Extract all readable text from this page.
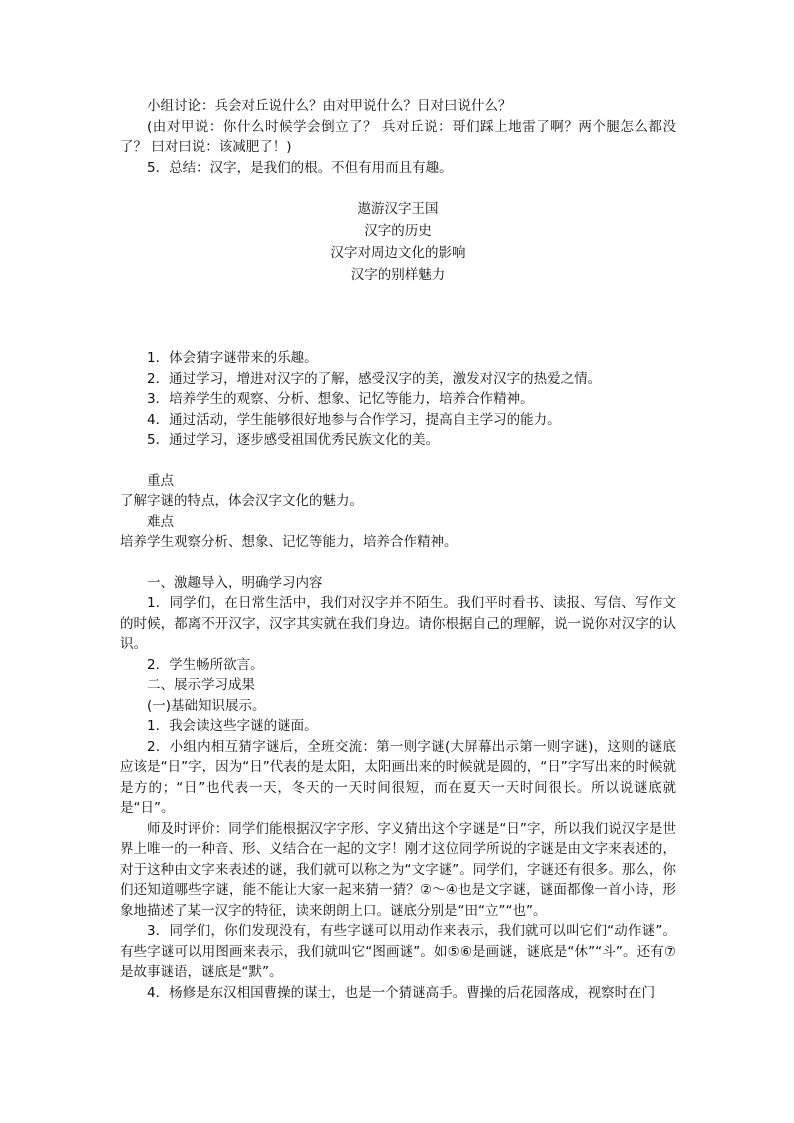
小组讨论：兵会对丘说什么？由对甲说什么？日对曰说什么？

(由对甲说：你什么时候学会倒立了？ 兵对丘说：哥们踩上地雷了啊？两个腿怎么都没了？ 曰对曰说：该减肥了！)

5．总结：汉字，是我们的根。不但有用而且有趣。

遨游汉字王国

汉字的历史

汉字对周边文化的影响

汉字的别样魅力

1．体会猜字谜带来的乐趣。

2．通过学习，增进对汉字的了解，感受汉字的美，激发对汉字的热爱之情。

3．培养学生的观察、分析、想象、记忆等能力，培养合作精神。

4．通过活动，学生能够很好地参与合作学习，提高自主学习的能力。

5．通过学习，逐步感受祖国优秀民族文化的美。

重点

了解字谜的特点，体会汉字文化的魅力。

难点

培养学生观察分析、想象、记忆等能力，培养合作精神。

一、激趣导入，明确学习内容

1．同学们，在日常生活中，我们对汉字并不陌生。我们平时看书、读报、写信、写作文的时候，都离不开汉字，汉字其实就在我们身边。请你根据自己的理解，说一说你对汉字的认识。

2．学生畅所欲言。

二、展示学习成果

(一)基础知识展示。

1．我会读这些字谜的谜面。

2．小组内相互猜字谜后，全班交流：第一则字谜(大屏幕出示第一则字谜)，这则的谜底应该是“日”字，因为“日”代表的是太阳，太阳画出来的时候就是圆的，“日”字写出来的时候就是方的；“日”也代表一天，冬天的一天时间很短，而在夏天一天时间很长。所以说谜底就是“日”。

师及时评价：同学们能根据汉字字形、字义猜出这个字谜是“日”字，所以我们说汉字是世界上唯一的一种音、形、义结合在一起的文字！刚才这位同学所说的字谜是由文字来表述的，对于这种由文字来表述的谜，我们就可以称之为“文字谜”。同学们，字谜还有很多。那么，你们还知道哪些字谜，能不能让大家一起来猜一猜？②～④也是文字谜，谜面都像一首小诗，形象地描述了某一汉字的特征，读来朗朗上口。谜底分别是“田“立”“也”。

3．同学们，你们发现没有，有些字谜可以用动作来表示，我们就可以叫它们“动作谜”。有些字谜可以用图画来表示，我们就叫它“图画谜”。如⑤⑥是画谜，谜底是“休”“斗”。还有⑦是故事谜语，谜底是“默”。

4．杨修是东汉相国曹操的谋士，也是一个猜谜高手。曹操的后花园落成，视察时在门
